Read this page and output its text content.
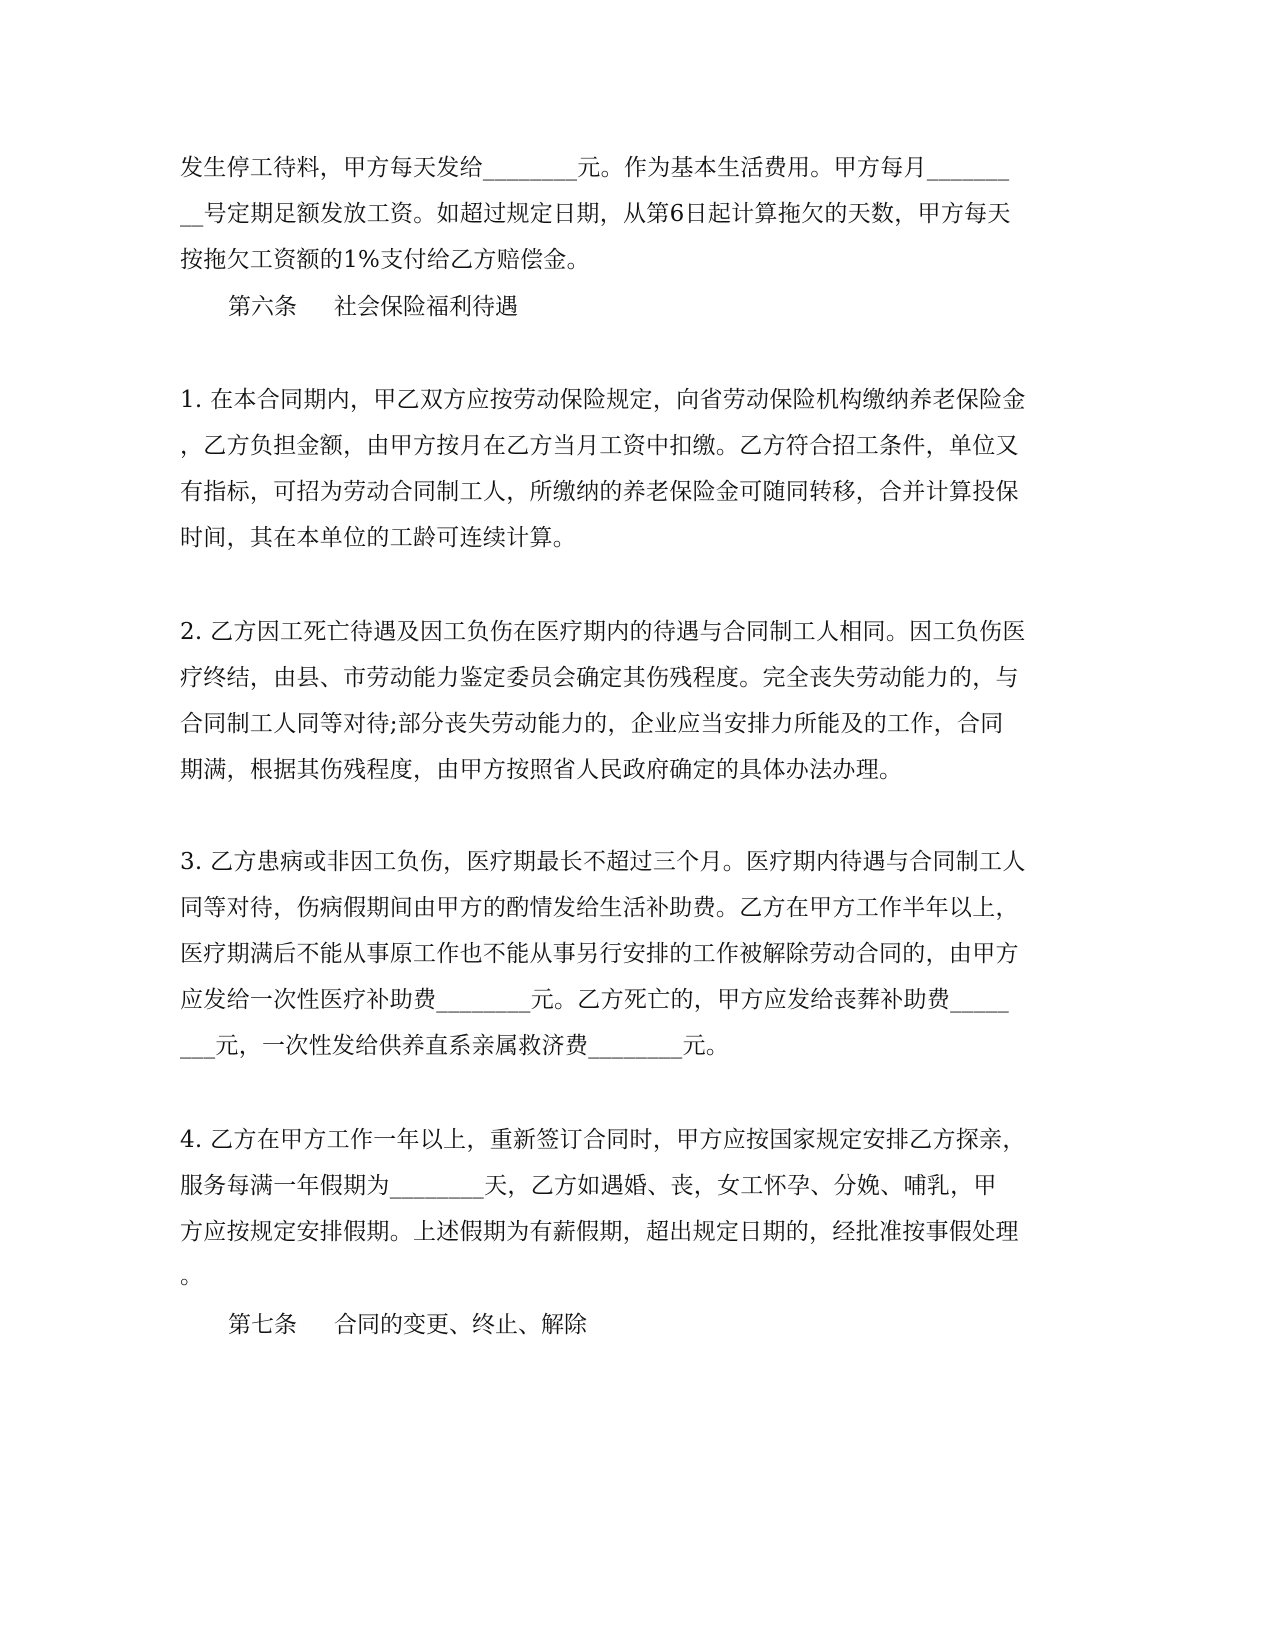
发生停工待料，甲方每天发给________元。作为基本生活费用。甲方每月_______
__号定期足额发放工资。如超过规定日期，从第6日起计算拖欠的天数，甲方每天
按拖欠工资额的1%支付给乙方赔偿金。
第六条 社会保险福利待遇
1. 在本合同期内，甲乙双方应按劳动保险规定，向省劳动保险机构缴纳养老保险金
，乙方负担金额，由甲方按月在乙方当月工资中扣缴。乙方符合招工条件，单位又
有指标，可招为劳动合同制工人，所缴纳的养老保险金可随同转移，合并计算投保
时间，其在本单位的工龄可连续计算。
2. 乙方因工死亡待遇及因工负伤在医疗期内的待遇与合同制工人相同。因工负伤医
疗终结，由县、市劳动能力鉴定委员会确定其伤残程度。完全丧失劳动能力的，与
合同制工人同等对待;部分丧失劳动能力的，企业应当安排力所能及的工作，合同
期满，根据其伤残程度，由甲方按照省人民政府确定的具体办法办理。
3. 乙方患病或非因工负伤，医疗期最长不超过三个月。医疗期内待遇与合同制工人
同等对待，伤病假期间由甲方的酌情发给生活补助费。乙方在甲方工作半年以上，
医疗期满后不能从事原工作也不能从事另行安排的工作被解除劳动合同的，由甲方
应发给一次性医疗补助费________元。乙方死亡的，甲方应发给丧葬补助费_____
___元，一次性发给供养直系亲属救济费________元。
4. 乙方在甲方工作一年以上，重新签订合同时，甲方应按国家规定安排乙方探亲，
服务每满一年假期为________天，乙方如遇婚、丧，女工怀孕、分娩、哺乳，甲
方应按规定安排假期。上述假期为有薪假期，超出规定日期的，经批准按事假处理
。
第七条 合同的变更、终止、解除
